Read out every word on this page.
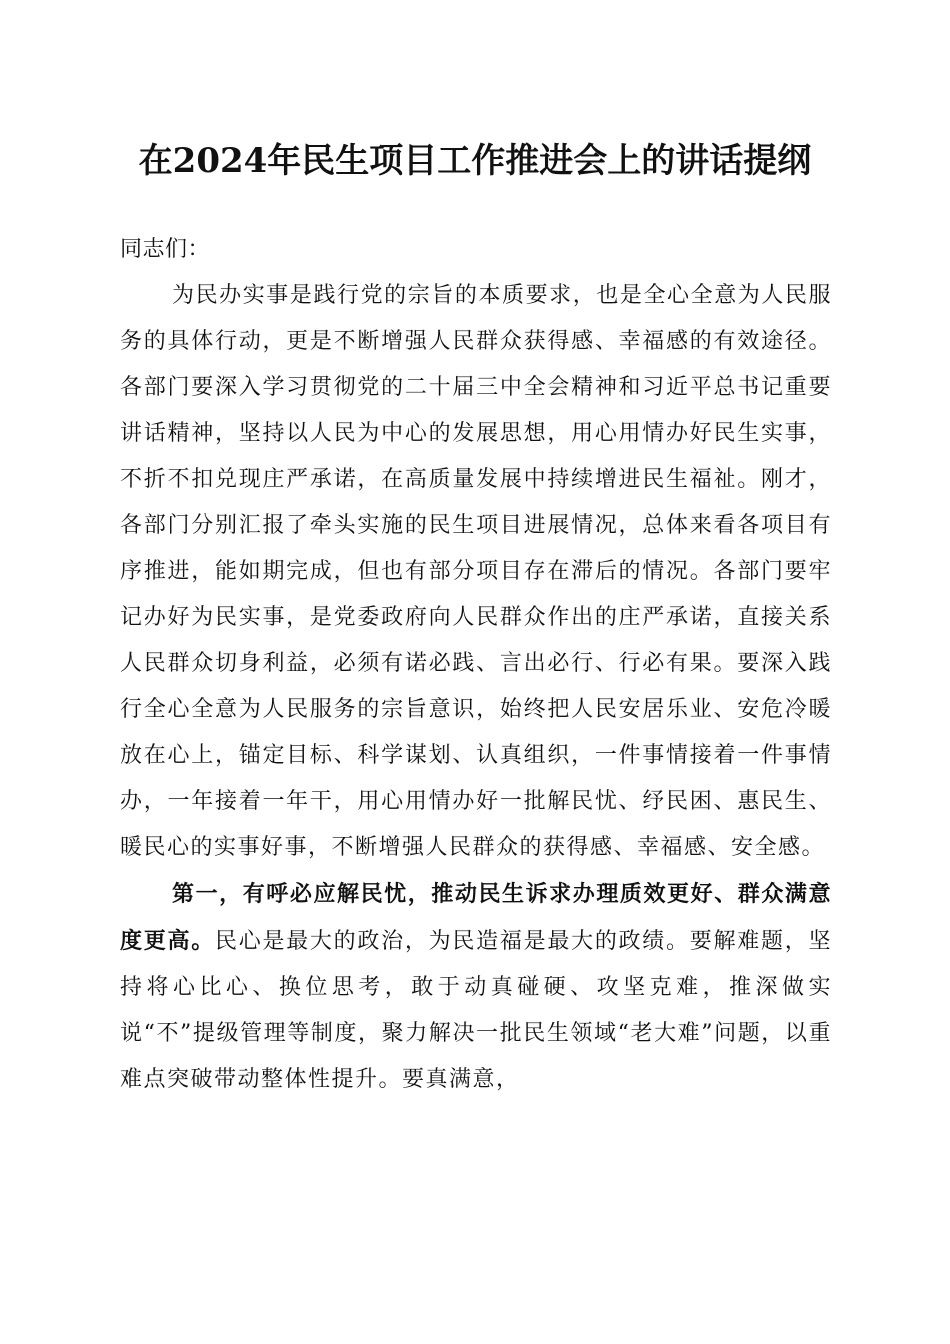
在2024年民生项目工作推进会上的讲话提纲

同志们：

为民办实事是践行党的宗旨的本质要求，也是全心全意为人民服务的具体行动，更是不断增强人民群众获得感、幸福感的有效途径。各部门要深入学习贯彻党的二十届三中全会精神和习近平总书记重要讲话精神，坚持以人民为中心的发展思想，用心用情办好民生实事，不折不扣兑现庄严承诺，在高质量发展中持续增进民生福祉。刚才，各部门分别汇报了牵头实施的民生项目进展情况，总体来看各项目有序推进，能如期完成，但也有部分项目存在滞后的情况。各部门要牢记办好为民实事，是党委政府向人民群众作出的庄严承诺，直接关系人民群众切身利益，必须有诺必践、言出必行、行必有果。要深入践行全心全意为人民服务的宗旨意识，始终把人民安居乐业、安危冷暖放在心上，锚定目标、科学谋划、认真组织，一件事情接着一件事情办，一年接着一年干，用心用情办好一批解民忧、纾民困、惠民生、暖民心的实事好事，不断增强人民群众的获得感、幸福感、安全感。

第一，有呼必应解民忧，推动民生诉求办理质效更好、群众满意度更高。民心是最大的政治，为民造福是最大的政绩。要解难题，坚持将心比心、换位思考，敢于动真碰硬、攻坚克难，推深做实说“不”提级管理等制度，聚力解决一批民生领域“老大难”问题，以重难点突破带动整体性提升。要真满意，
